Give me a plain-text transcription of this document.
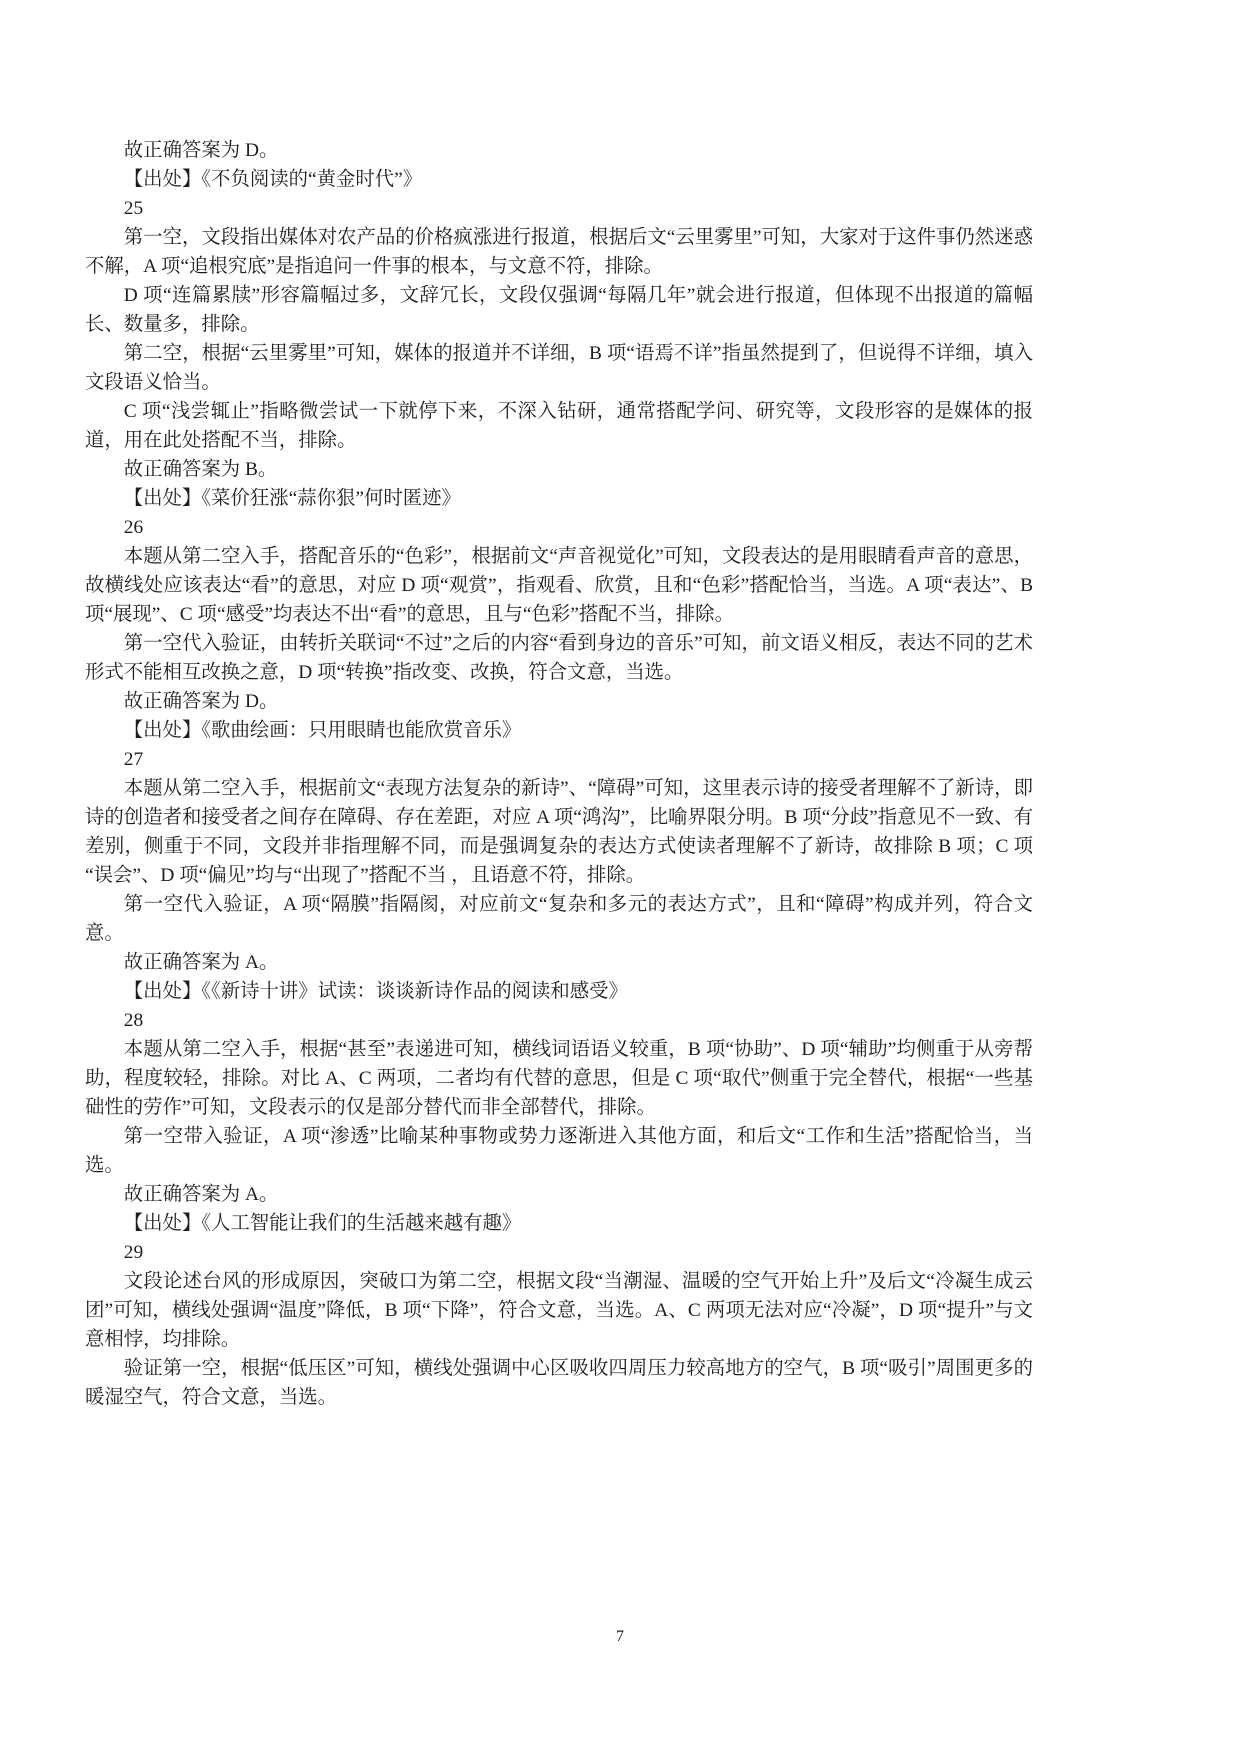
故正确答案为 D。

【出处】《不负阅读的“黄金时代”》

25

第一空，文段指出媒体对农产品的价格疯涨进行报道，根据后文“云里雾里”可知，大家对于这件事仍然迷惑不解，A 项“追根究底”是指追问一件事的根本，与文意不符，排除。

D 项“连篇累牍”形容篇幅过多，文辞冗长，文段仅强调“每隔几年”就会进行报道，但体现不出报道的篇幅长、数量多，排除。

第二空，根据“云里雾里”可知，媒体的报道并不详细，B 项“语焉不详”指虽然提到了，但说得不详细，填入文段语义恰当。

C 项“浅尝辄止”指略微尝试一下就停下来，不深入钻研，通常搭配学问、研究等，文段形容的是媒体的报道，用在此处搭配不当，排除。

故正确答案为 B。

【出处】《菜价狂涨“蒜你狠”何时匿迹》

26

本题从第二空入手，搭配音乐的“色彩”，根据前文“声音视觉化”可知，文段表达的是用眼睛看声音的意思，故横线处应该表达“看”的意思，对应 D 项“观赏”，指观看、欣赏，且和“色彩”搭配恰当，当选。A 项“表达”、B 项“展现”、C 项“感受”均表达不出“看”的意思，且与“色彩”搭配不当，排除。

第一空代入验证，由转折关联词“不过”之后的内容“看到身边的音乐”可知，前文语义相反，表达不同的艺术形式不能相互改换之意，D 项“转换”指改变、改换，符合文意，当选。

故正确答案为 D。

【出处】《歌曲绘画：只用眼睛也能欣赏音乐》

27

本题从第二空入手，根据前文“表现方法复杂的新诗”、“障碍”可知，这里表示诗的接受者理解不了新诗，即诗的创造者和接受者之间存在障碍、存在差距，对应 A 项“鸿沟”，比喻界限分明。B 项“分歧”指意见不一致、有差别，侧重于不同，文段并非指理解不同，而是强调复杂的表达方式使读者理解不了新诗，故排除 B 项；C 项“误会”、D 项“偏见”均与“出现了”搭配不当 ，且语意不符，排除。

第一空代入验证，A 项“隔膜”指隔阂，对应前文“复杂和多元的表达方式”，且和“障碍”构成并列，符合文意。

故正确答案为 A。

【出处】《《新诗十讲》试读：谈谈新诗作品的阅读和感受》

28

本题从第二空入手，根据“甚至”表递进可知，横线词语语义较重，B 项“协助”、D 项“辅助”均侧重于从旁帮助，程度较轻，排除。对比 A、C 两项，二者均有代替的意思，但是 C 项“取代”侧重于完全替代，根据“一些基础性的劳作”可知，文段表示的仅是部分替代而非全部替代，排除。

第一空带入验证，A 项“渗透”比喻某种事物或势力逐渐进入其他方面，和后文“工作和生活”搭配恰当，当选。

故正确答案为 A。

【出处】《人工智能让我们的生活越来越有趣》

29

文段论述台风的形成原因，突破口为第二空，根据文段“当潮湿、温暖的空气开始上升”及后文“冷凝生成云团”可知，横线处强调“温度”降低，B 项“下降”，符合文意，当选。A、C 两项无法对应“冷凝”，D 项“提升”与文意相悖，均排除。

验证第一空，根据“低压区”可知，横线处强调中心区吸收四周压力较高地方的空气，B 项“吸引”周围更多的暖湿空气，符合文意，当选。

7
